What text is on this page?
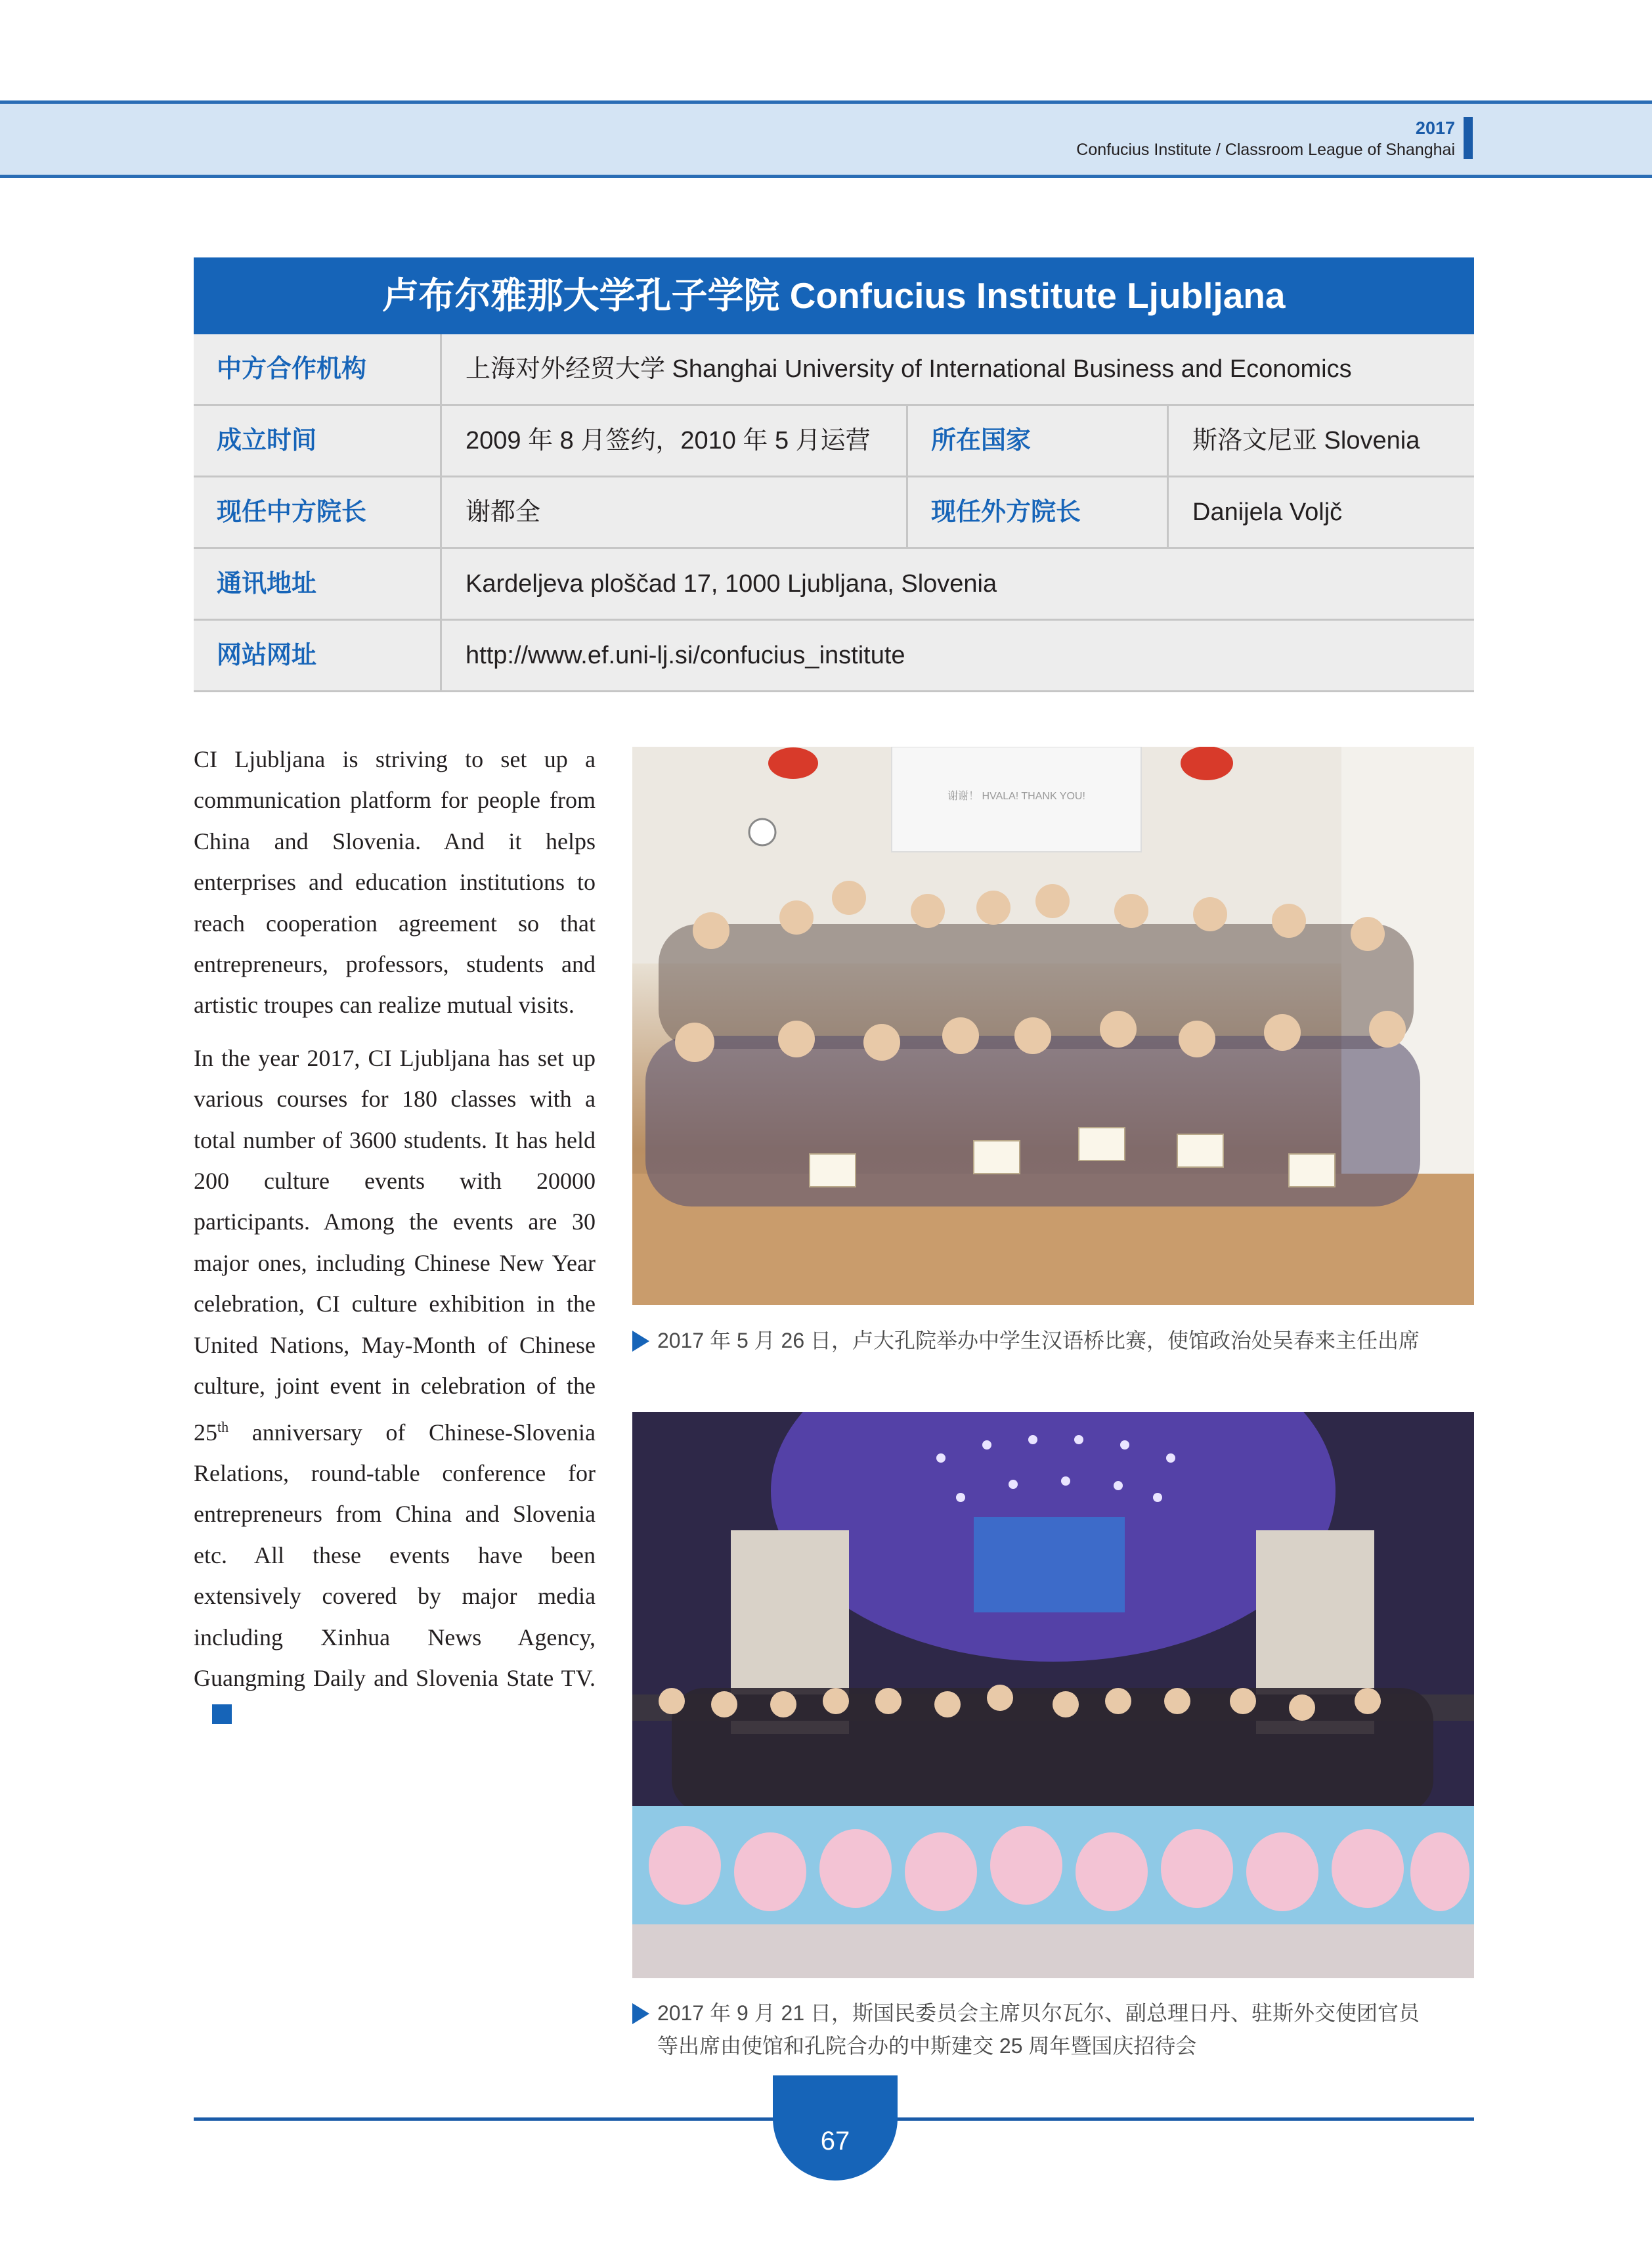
2017
Confucius Institute / Classroom League of Shanghai
卢布尔雅那大学孔子学院 Confucius Institute Ljubljana
中方合作机构	上海对外经贸大学 Shanghai University of International Business and Economics
成立时间	2009 年 8 月签约，2010 年 5 月运营	所在国家	斯洛文尼亚 Slovenia
现任中方院长	谢都全	现任外方院长	Danijela Voljč
通讯地址	Kardeljeva ploščad 17, 1000 Ljubljana, Slovenia
网站网址	http://www.ef.uni-lj.si/confucius_institute

CI Ljubljana is striving to set up a communication platform for people from China and Slovenia. And it helps enterprises and education institutions to reach cooperation agreement so that entrepreneurs, professors, students and artistic troupes can realize mutual visits.

In the year 2017, CI Ljubljana has set up various courses for 180 classes with a total number of 3600 students. It has held 200 culture events with 20000 participants. Among the events are 30 major ones, including Chinese New Year celebration, CI culture exhibition in the United Nations, May-Month of Chinese culture, joint event in celebration of the 25th anniversary of Chinese-Slovenia Relations, round-table conference for entrepreneurs from China and Slovenia etc. All these events have been extensively covered by major media including Xinhua News Agency, Guangming Daily and Slovenia State TV.

谢谢！ HVALA! THANK YOU!
2017 年 5 月 26 日，卢大孔院举办中学生汉语桥比赛，使馆政治处吴春来主任出席
2017 年 9 月 21 日，斯国民委员会主席贝尔瓦尔、副总理日丹、驻斯外交使团官员
等出席由使馆和孔院合办的中斯建交 25 周年暨国庆招待会
67
